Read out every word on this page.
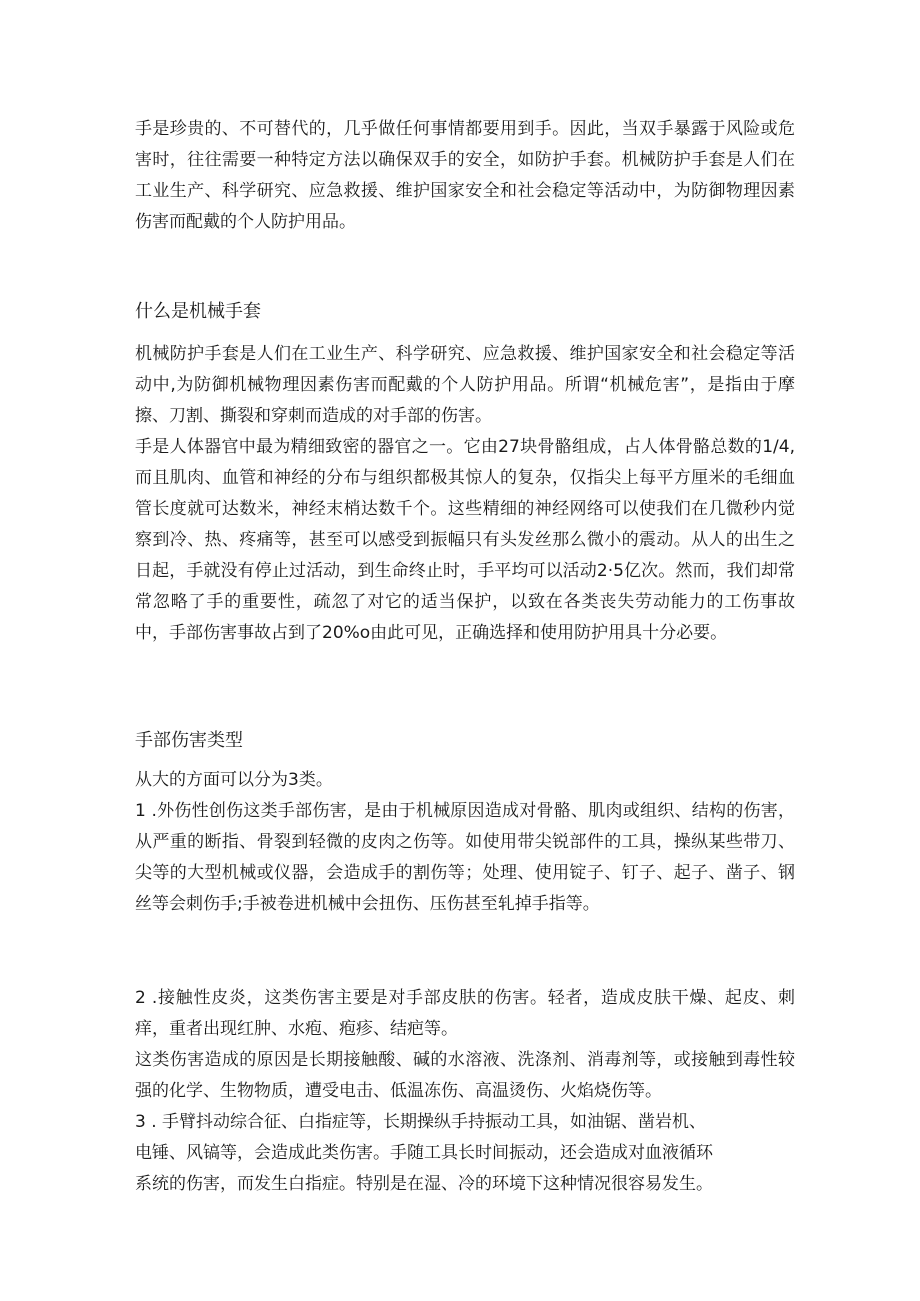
手是珍贵的、不可替代的，几乎做任何事情都要用到手。因此，当双手暴露于风险或危害时，往往需要一种特定方法以确保双手的安全，如防护手套。机械防护手套是人们在工业生产、科学研究、应急救援、维护国家安全和社会稳定等活动中，为防御物理因素伤害而配戴的个人防护用品。

什么是机械手套

机械防护手套是人们在工业生产、科学研究、应急救援、维护国家安全和社会稳定等活动中,为防御机械物理因素伤害而配戴的个人防护用品。所谓“机械危害”，是指由于摩擦、刀割、撕裂和穿刺而造成的对手部的伤害。

手是人体器官中最为精细致密的器官之一。它由27块骨骼组成，占人体骨骼总数的1/4,而且肌肉、血管和神经的分布与组织都极其惊人的复杂，仅指尖上每平方厘米的毛细血管长度就可达数米，神经末梢达数千个。这些精细的神经网络可以使我们在几微秒内觉察到冷、热、疼痛等，甚至可以感受到振幅只有头发丝那么微小的震动。从人的出生之日起，手就没有停止过活动，到生命终止时，手平均可以活动2·5亿次。然而，我们却常常忽略了手的重要性，疏忽了对它的适当保护，以致在各类丧失劳动能力的工伤事故中，手部伤害事故占到了20%o由此可见，正确选择和使用防护用具十分必要。

手部伤害类型

从大的方面可以分为3类。

1 .外伤性创伤这类手部伤害，是由于机械原因造成对骨骼、肌肉或组织、结构的伤害，从严重的断指、骨裂到轻微的皮肉之伤等。如使用带尖锐部件的工具，操纵某些带刀、尖等的大型机械或仪器，会造成手的割伤等；处理、使用锭子、钉子、起子、凿子、钢丝等会刺伤手;手被卷进机械中会扭伤、压伤甚至轧掉手指等。

2 .接触性皮炎，这类伤害主要是对手部皮肤的伤害。轻者，造成皮肤干燥、起皮、刺痒，重者出现红肿、水疱、疱疹、结疤等。

这类伤害造成的原因是长期接触酸、碱的水溶液、洗涤剂、消毒剂等，或接触到毒性较强的化学、生物物质，遭受电击、低温冻伤、高温烫伤、火焰烧伤等。

3 . 手臂抖动综合征、白指症等，长期操纵手持振动工具，如油锯、凿岩机、

电锤、风镐等，会造成此类伤害。手随工具长时间振动，还会造成对血液循环

系统的伤害，而发生白指症。特别是在湿、冷的环境下这种情况很容易发生。
